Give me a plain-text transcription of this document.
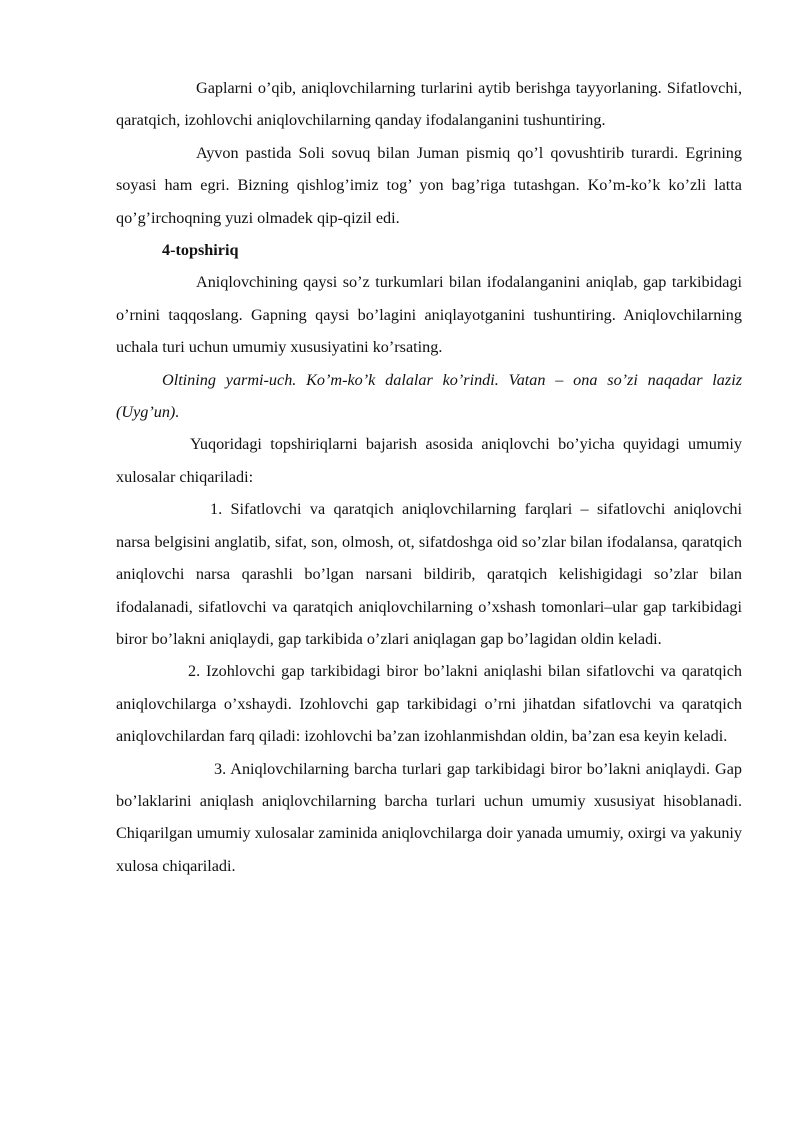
Gaplarni o’qib, aniqlovchilarning turlarini aytib berishga tayyorlaning. Sifatlovchi, qaratqich, izohlovchi aniqlovchilarning qanday ifodalanganini tushuntiring.

Ayvon pastida Soli sovuq bilan Juman pismiq qo’l qovushtirib turardi. Egrining soyasi ham egri. Bizning qishlog’imiz tog’ yon bag’riga tutashgan. Ko’m-ko’k ko’zli latta qo’g’irchoqning yuzi olmadek qip-qizil edi.

4-topshiriq

Aniqlovchining qaysi so’z turkumlari bilan ifodalanganini aniqlab, gap tarkibidagi o’rnini taqqoslang. Gapning qaysi bo’lagini aniqlayotganini tushuntiring. Aniqlovchilarning uchala turi uchun umumiy xususiyatini ko’rsating.

Oltining yarmi-uch. Ko’m-ko’k dalalar ko’rindi. Vatan – ona so’zi naqadar laziz (Uyg’un).

Yuqoridagi topshiriqlarni bajarish asosida aniqlovchi bo’yicha quyidagi umumiy xulosalar chiqariladi:

1. Sifatlovchi va qaratqich aniqlovchilarning farqlari – sifatlovchi aniqlovchi narsa belgisini anglatib, sifat, son, olmosh, ot, sifatdoshga oid so’zlar bilan ifodalansa, qaratqich aniqlovchi narsa qarashli bo’lgan narsani bildirib, qaratqich kelishigidagi so’zlar bilan ifodalanadi, sifatlovchi va qaratqich aniqlovchilarning o’xshash tomonlari–ular gap tarkibidagi biror bo’lakni aniqlaydi, gap tarkibida o’zlari aniqlagan gap bo’lagidan oldin keladi.

2. Izohlovchi gap tarkibidagi biror bo’lakni aniqlashi bilan sifatlovchi va qaratqich aniqlovchilarga o’xshaydi. Izohlovchi gap tarkibidagi o’rni jihatdan sifatlovchi va qaratqich aniqlovchilardan farq qiladi: izohlovchi ba’zan izohlanmishdan oldin, ba’zan esa keyin keladi.

3. Aniqlovchilarning barcha turlari gap tarkibidagi biror bo’lakni aniqlaydi. Gap bo’laklarini aniqlash aniqlovchilarning barcha turlari uchun umumiy xususiyat hisoblanadi. Chiqarilgan umumiy xulosalar zaminida aniqlovchilarga doir yanada umumiy, oxirgi va yakuniy xulosa chiqariladi.
